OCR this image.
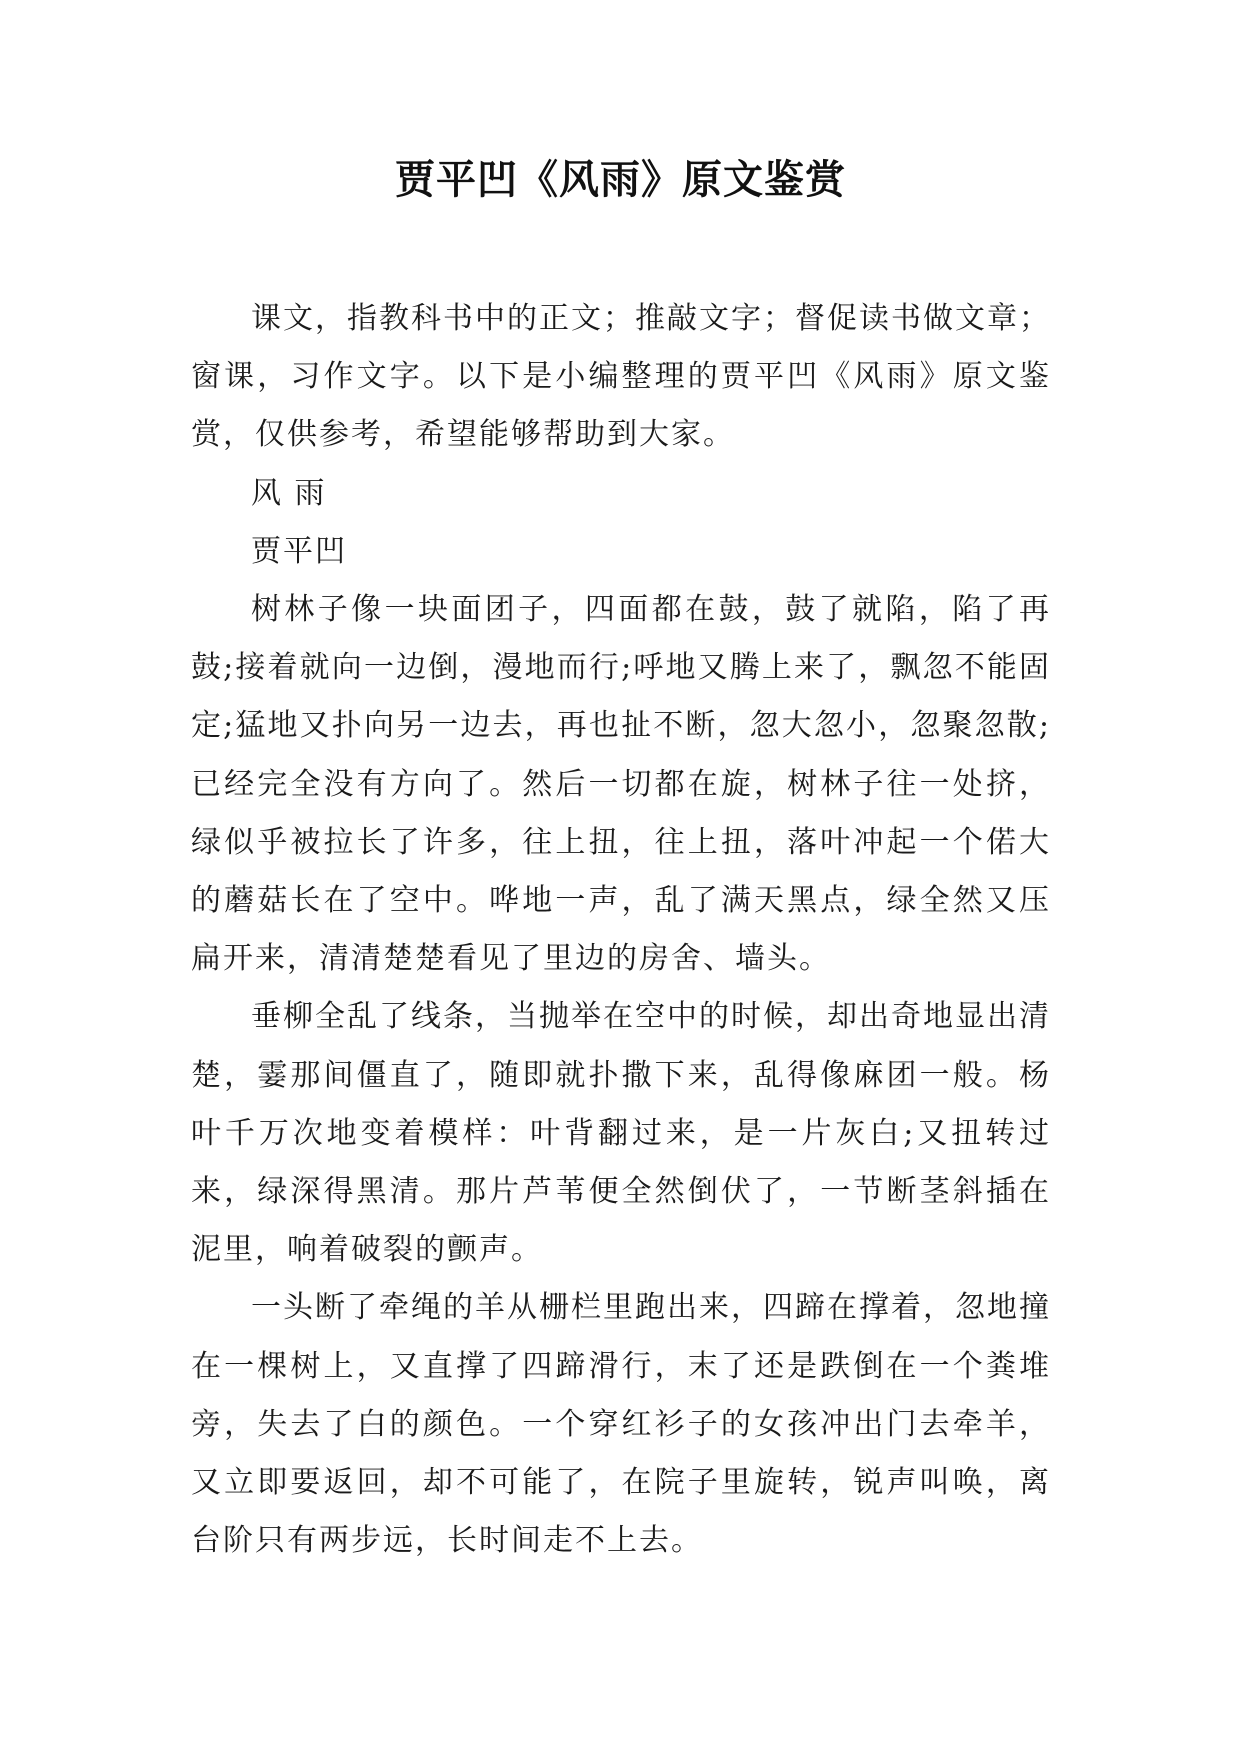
贾平凹《风雨》原文鉴赏

课文，指教科书中的正文；推敲文字；督促读书做文章；窗课，习作文字。以下是小编整理的贾平凹《风雨》原文鉴赏，仅供参考，希望能够帮助到大家。

风 雨

贾平凹

树林子像一块面团子，四面都在鼓，鼓了就陷，陷了再鼓;接着就向一边倒，漫地而行;呼地又腾上来了，飘忽不能固定;猛地又扑向另一边去，再也扯不断，忽大忽小，忽聚忽散;已经完全没有方向了。然后一切都在旋，树林子往一处挤，绿似乎被拉长了许多，往上扭，往上扭，落叶冲起一个偌大的蘑菇长在了空中。哗地一声，乱了满天黑点，绿全然又压扁开来，清清楚楚看见了里边的房舍、墙头。

垂柳全乱了线条，当抛举在空中的时候，却出奇地显出清楚，霎那间僵直了，随即就扑撒下来，乱得像麻团一般。杨叶千万次地变着模样：叶背翻过来，是一片灰白;又扭转过来，绿深得黑清。那片芦苇便全然倒伏了，一节断茎斜插在泥里，响着破裂的颤声。

一头断了牵绳的羊从栅栏里跑出来，四蹄在撑着，忽地撞在一棵树上，又直撑了四蹄滑行，末了还是跌倒在一个粪堆旁，失去了白的颜色。一个穿红衫子的女孩冲出门去牵羊，又立即要返回，却不可能了，在院子里旋转，锐声叫唤，离台阶只有两步远，长时间走不上去。
